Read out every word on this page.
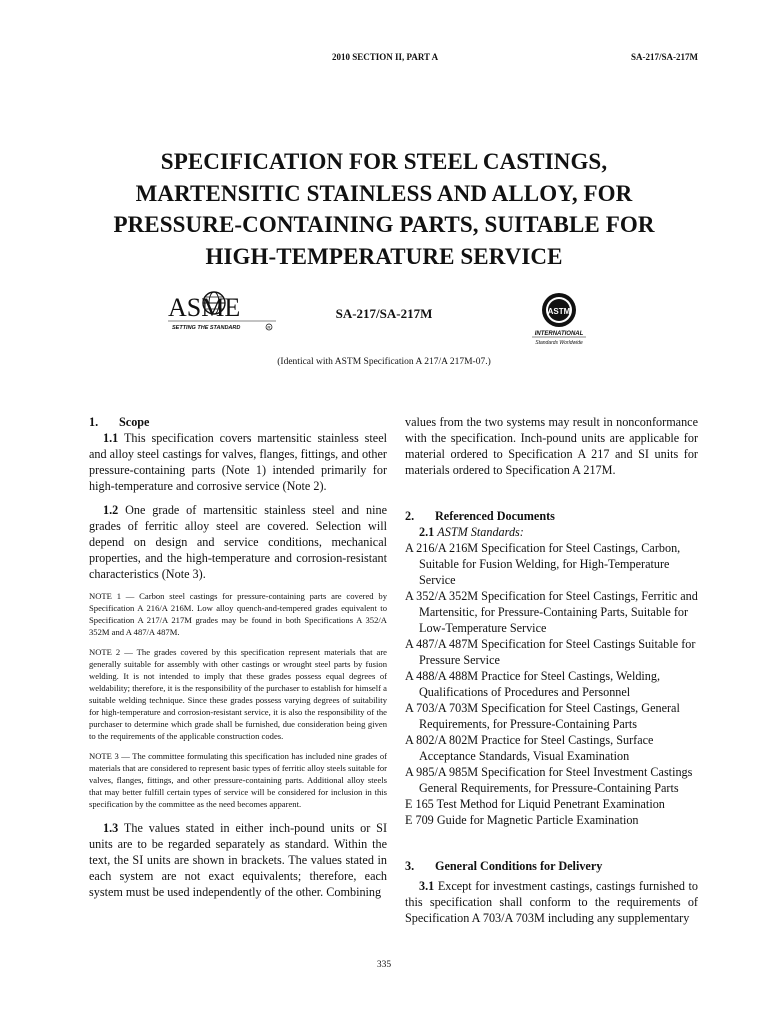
2010 SECTION II, PART A	SA-217/SA-217M
SPECIFICATION FOR STEEL CASTINGS,
MARTENSITIC STAINLESS AND ALLOY, FOR
PRESSURE-CONTAINING PARTS, SUITABLE FOR
HIGH-TEMPERATURE SERVICE
ASME
SETTING THE STANDARD	R
ASTM
INTERNATIONAL
Standards Worldwide
SA-217/SA-217M
(Identical with ASTM Specification A 217/A 217M-07.)

1. Scope

1.1 This specification covers martensitic stainless steel and alloy steel castings for valves, flanges, fittings, and other pressure-containing parts (Note 1) intended primarily for high-temperature and corrosive service (Note 2).

1.2 One grade of martensitic stainless steel and nine grades of ferritic alloy steel are covered. Selection will depend on design and service conditions, mechanical properties, and the high-temperature and corrosion-resistant characteristics (Note 3).

NOTE 1 — Carbon steel castings for pressure-containing parts are covered by Specification A 216/A 216M. Low alloy quench-and-tempered grades equivalent to Specification A 217/A 217M grades may be found in both Specifications A 352/A 352M and A 487/A 487M.

NOTE 2 — The grades covered by this specification represent materials that are generally suitable for assembly with other castings or wrought steel parts by fusion welding. It is not intended to imply that these grades possess equal degrees of weldability; therefore, it is the responsibility of the purchaser to establish for himself a suitable welding technique. Since these grades possess varying degrees of suitability for high-temperature and corrosion-resistant service, it is also the responsibility of the purchaser to determine which grade shall be furnished, due consideration being given to the requirements of the applicable construction codes.

NOTE 3 — The committee formulating this specification has included nine grades of materials that are considered to represent basic types of ferritic alloy steels suitable for valves, flanges, fittings, and other pressure-containing parts. Additional alloy steels that may better fulfill certain types of service will be considered for inclusion in this specification by the committee as the need becomes apparent.

1.3 The values stated in either inch-pound units or SI units are to be regarded separately as standard. Within the text, the SI units are shown in brackets. The values stated in each system are not exact equivalents; therefore, each system must be used independently of the other. Combining

values from the two systems may result in nonconformance with the specification. Inch-pound units are applicable for material ordered to Specification A 217 and SI units for materials ordered to Specification A 217M.

2. Referenced Documents

2.1 ASTM Standards:

A 216/A 216M Specification for Steel Castings, Carbon, Suitable for Fusion Welding, for High-Temperature Service

A 352/A 352M Specification for Steel Castings, Ferritic and Martensitic, for Pressure-Containing Parts, Suitable for Low-Temperature Service

A 487/A 487M Specification for Steel Castings Suitable for Pressure Service

A 488/A 488M Practice for Steel Castings, Welding, Qualifications of Procedures and Personnel

A 703/A 703M Specification for Steel Castings, General Requirements, for Pressure-Containing Parts

A 802/A 802M Practice for Steel Castings, Surface Acceptance Standards, Visual Examination

A 985/A 985M Specification for Steel Investment Castings General Requirements, for Pressure-Containing Parts

E 165 Test Method for Liquid Penetrant Examination

E 709 Guide for Magnetic Particle Examination

3. General Conditions for Delivery

3.1 Except for investment castings, castings furnished to this specification shall conform to the requirements of Specification A 703/A 703M including any supplementary

335
